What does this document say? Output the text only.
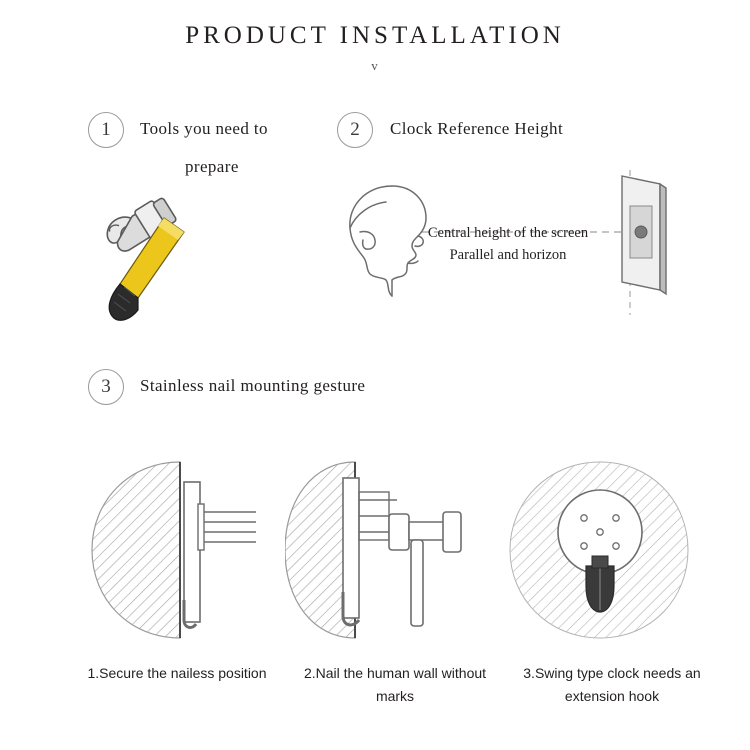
PRODUCT INSTALLATION
v
1	Tools you need to
prepare
2	Clock Reference Height
Central height of the screen
Parallel and horizon
3	Stainless nail mounting gesture
1.Secure the nailess position	2.Nail the human wall without
marks
3.Swing type clock needs an
extension hook
